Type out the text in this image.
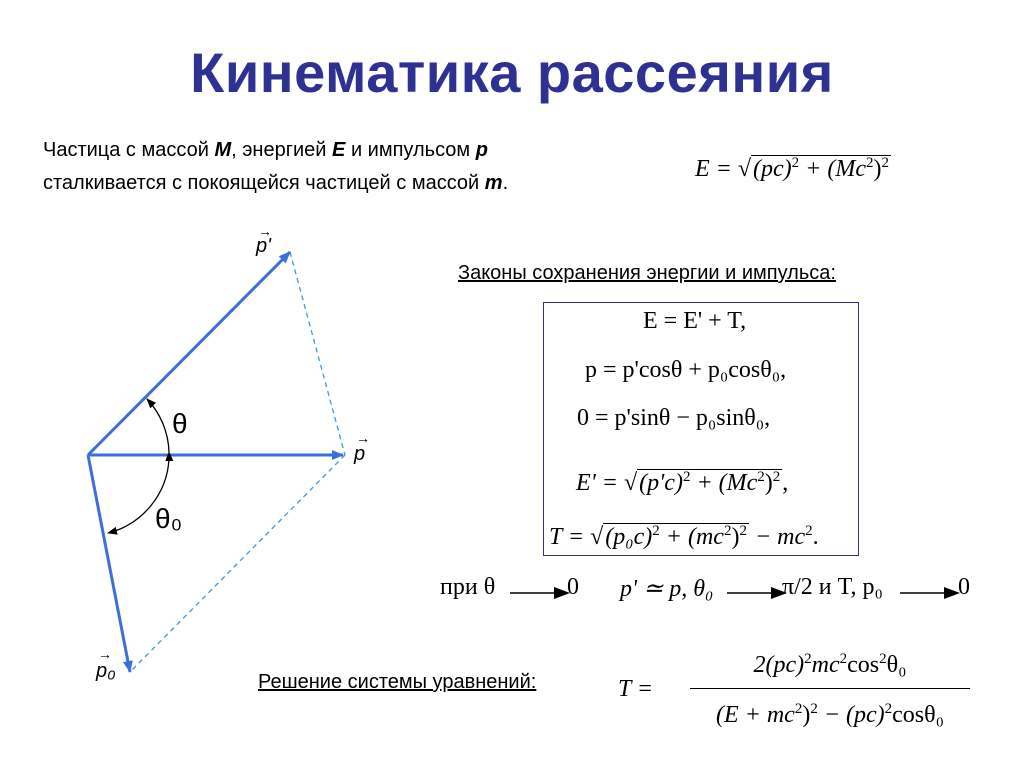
Кинематика рассеяния
Частица с массой M, энергией E и импульсом p
сталкивается с покоящейся частицей с массой m.
$E = √(pc)^2 + (Mc^2)^2$
Законы сохранения энергии и импульса:
E = E' + T,
p = p'cosθ + p₀cosθ₀,
0 = p'sinθ − p₀sinθ₀,
$E' = √(p'c)^2 + (Mc^2)^2$,
$T = √(p_0c)^2 + (mc^2)^2 - mc^2$.
при θ	0 p' ≃ p, θ₀	π/2 и T, p₀	0
Решение системы уравнений:	T =
$2(pc)^2mc^2\cos^2\theta_0$
$(E + mc^2)^2 - (pc)^2\cos\theta_0$
θ
θ₀
→
p'
→
p
→
p₀
